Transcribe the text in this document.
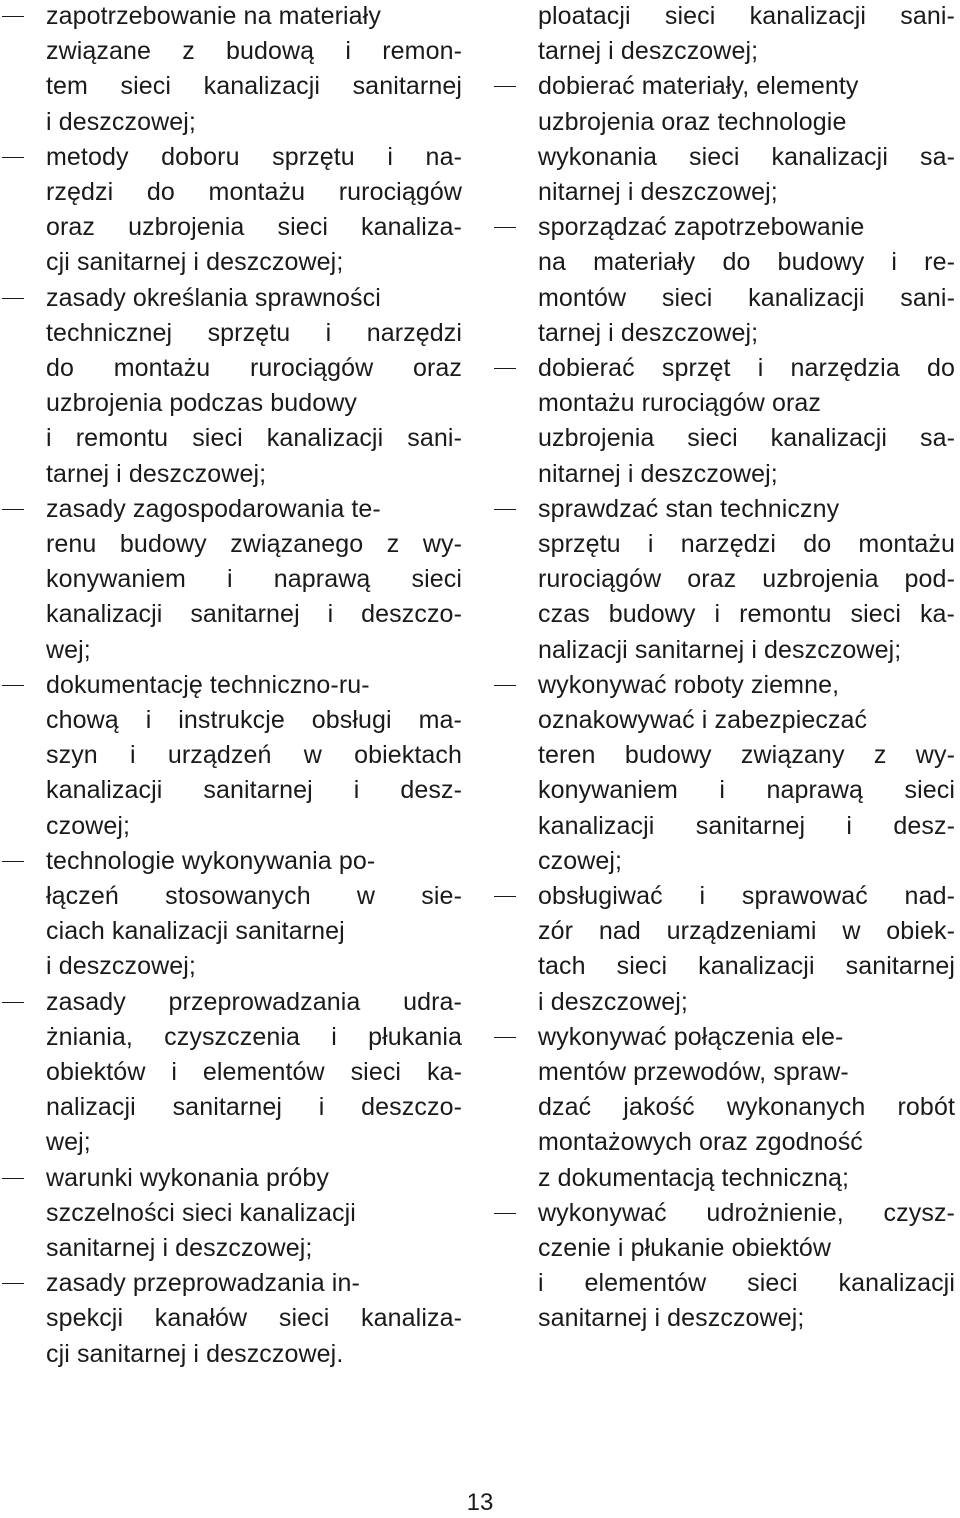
zapotrzebowanie na materiały
związane z budową i remon-
tem sieci kanalizacji sanitarnej
i deszczowej;
metody doboru sprzętu i na-
rzędzi do montażu rurociągów
oraz uzbrojenia sieci kanaliza-
cji sanitarnej i deszczowej;
zasady określania sprawności
technicznej sprzętu i narzędzi
do montażu rurociągów oraz
uzbrojenia podczas budowy
i remontu sieci kanalizacji sani-
tarnej i deszczowej;
zasady zagospodarowania te-
renu budowy związanego z wy-
konywaniem i naprawą sieci
kanalizacji sanitarnej i deszczo-
wej;
dokumentację techniczno-ru-
chową i instrukcje obsługi ma-
szyn i urządzeń w obiektach
kanalizacji sanitarnej i desz-
czowej;
technologie wykonywania po-
łączeń stosowanych w sie-
ciach kanalizacji sanitarnej
i deszczowej;
zasady przeprowadzania udra-
żniania, czyszczenia i płukania
obiektów i elementów sieci ka-
nalizacji sanitarnej i deszczo-
wej;
warunki wykonania próby
szczelności sieci kanalizacji
sanitarnej i deszczowej;
zasady przeprowadzania in-
spekcji kanałów sieci kanaliza-
cji sanitarnej i deszczowej.
ploatacji sieci kanalizacji sani-
tarnej i deszczowej;
dobierać materiały, elementy
uzbrojenia oraz technologie
wykonania sieci kanalizacji sa-
nitarnej i deszczowej;
sporządzać zapotrzebowanie
na materiały do budowy i re-
montów sieci kanalizacji sani-
tarnej i deszczowej;
dobierać sprzęt i narzędzia do
montażu rurociągów oraz
uzbrojenia sieci kanalizacji sa-
nitarnej i deszczowej;
sprawdzać stan techniczny
sprzętu i narzędzi do montażu
rurociągów oraz uzbrojenia pod-
czas budowy i remontu sieci ka-
nalizacji sanitarnej i deszczowej;
wykonywać roboty ziemne,
oznakowywać i zabezpieczać
teren budowy związany z wy-
konywaniem i naprawą sieci
kanalizacji sanitarnej i desz-
czowej;
obsługiwać i sprawować nad-
zór nad urządzeniami w obiek-
tach sieci kanalizacji sanitarnej
i deszczowej;
wykonywać połączenia ele-
mentów przewodów, spraw-
dzać jakość wykonanych robót
montażowych oraz zgodność
z dokumentacją techniczną;
wykonywać udrożnienie, czysz-
czenie i płukanie obiektów
i elementów sieci kanalizacji
sanitarnej i deszczowej;
13
